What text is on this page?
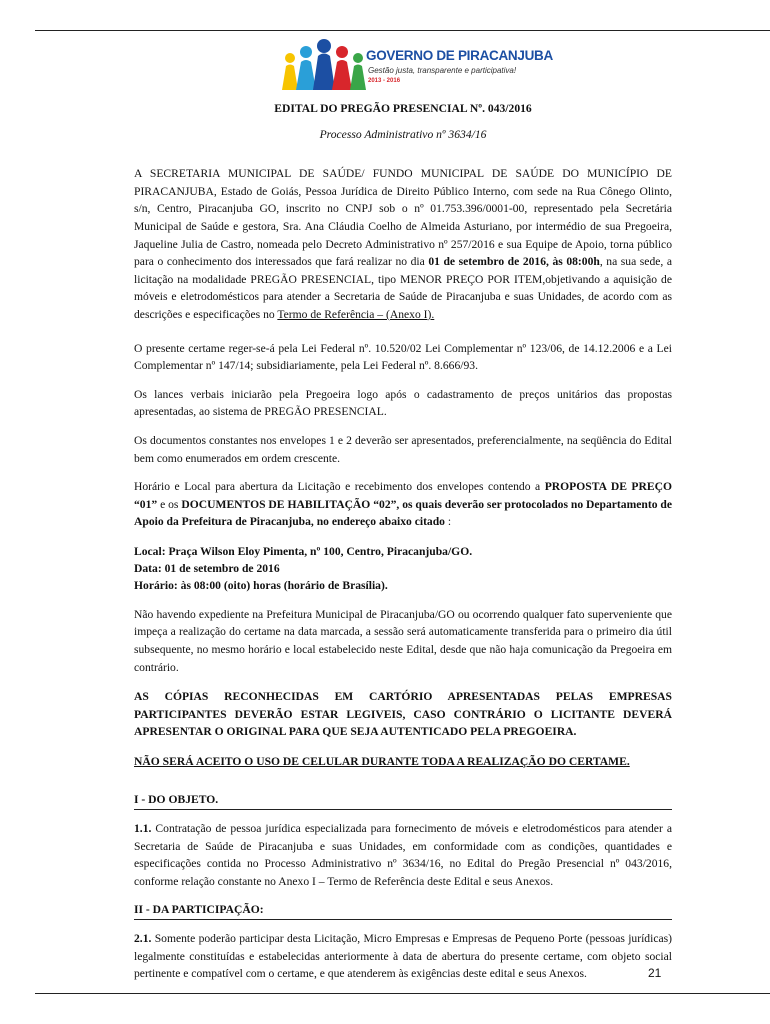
GOVERNO DE PIRACANJUBA
Gestão justa, transparente e participativa!
2013 - 2016
EDITAL DO PREGÃO PRESENCIAL Nº. 043/2016
Processo Administrativo nº 3634/16

A SECRETARIA MUNICIPAL DE SAÚDE/ FUNDO MUNICIPAL DE SAÚDE DO MUNICÍPIO DE PIRACANJUBA, Estado de Goiás, Pessoa Jurídica de Direito Público Interno, com sede na Rua Cônego Olinto, s/n, Centro, Piracanjuba GO, inscrito no CNPJ sob o nº 01.753.396/0001-00, representado pela Secretária Municipal de Saúde e gestora, Sra. Ana Cláudia Coelho de Almeida Asturiano, por intermédio de sua Pregoeira, Jaqueline Julia de Castro, nomeada pelo Decreto Administrativo nº 257/2016 e sua Equipe de Apoio, torna público para o conhecimento dos interessados que fará realizar no dia 01 de setembro de 2016, às 08:00h, na sua sede, a licitação na modalidade PREGÃO PRESENCIAL, tipo MENOR PREÇO POR ITEM,objetivando a aquisição de móveis e eletrodomésticos para atender a Secretaria de Saúde de Piracanjuba e suas Unidades, de acordo com as descrições e especificações no Termo de Referência – (Anexo I).

O presente certame reger-se-á pela Lei Federal nº. 10.520/02 Lei Complementar nº 123/06, de 14.12.2006 e a Lei Complementar nº 147/14; subsidiariamente, pela Lei Federal nº. 8.666/93.

Os lances verbais iniciarão pela Pregoeira logo após o cadastramento de preços unitários das propostas apresentadas, ao sistema de PREGÃO PRESENCIAL.

Os documentos constantes nos envelopes 1 e 2 deverão ser apresentados, preferencialmente, na seqüência do Edital bem como enumerados em ordem crescente.

Horário e Local para abertura da Licitação e recebimento dos envelopes contendo a PROPOSTA DE PREÇO “01” e os DOCUMENTOS DE HABILITAÇÃO “02”, os quais deverão ser protocolados no Departamento de Apoio da Prefeitura de Piracanjuba, no endereço abaixo citado :

Local: Praça Wilson Eloy Pimenta, nº 100, Centro, Piracanjuba/GO.
Data: 01 de setembro de 2016
Horário: às 08:00 (oito) horas (horário de Brasília).

Não havendo expediente na Prefeitura Municipal de Piracanjuba/GO ou ocorrendo qualquer fato superveniente que impeça a realização do certame na data marcada, a sessão será automaticamente transferida para o primeiro dia útil subsequente, no mesmo horário e local estabelecido neste Edital, desde que não haja comunicação da Pregoeira em contrário.

AS CÓPIAS RECONHECIDAS EM CARTÓRIO APRESENTADAS PELAS EMPRESAS PARTICIPANTES DEVERÃO ESTAR LEGIVEIS, CASO CONTRÁRIO O LICITANTE DEVERÁ APRESENTAR O ORIGINAL PARA QUE SEJA AUTENTICADO PELA PREGOEIRA.

NÃO SERÁ ACEITO O USO DE CELULAR DURANTE TODA A REALIZAÇÃO DO CERTAME.

I - DO OBJETO.

1.1. Contratação de pessoa jurídica especializada para fornecimento de móveis e eletrodomésticos para atender a Secretaria de Saúde de Piracanjuba e suas Unidades, em conformidade com as condições, quantidades e especificações contida no Processo Administrativo nº 3634/16, no Edital do Pregão Presencial nº 043/2016, conforme relação constante no Anexo I – Termo de Referência deste Edital e seus Anexos.

II - DA PARTICIPAÇÃO:

2.1. Somente poderão participar desta Licitação, Micro Empresas e Empresas de Pequeno Porte (pessoas jurídicas) legalmente constituídas e estabelecidas anteriormente à data de abertura do presente certame, com objeto social pertinente e compatível com o certame, e que atenderem às exigências deste edital e seus Anexos.	21
